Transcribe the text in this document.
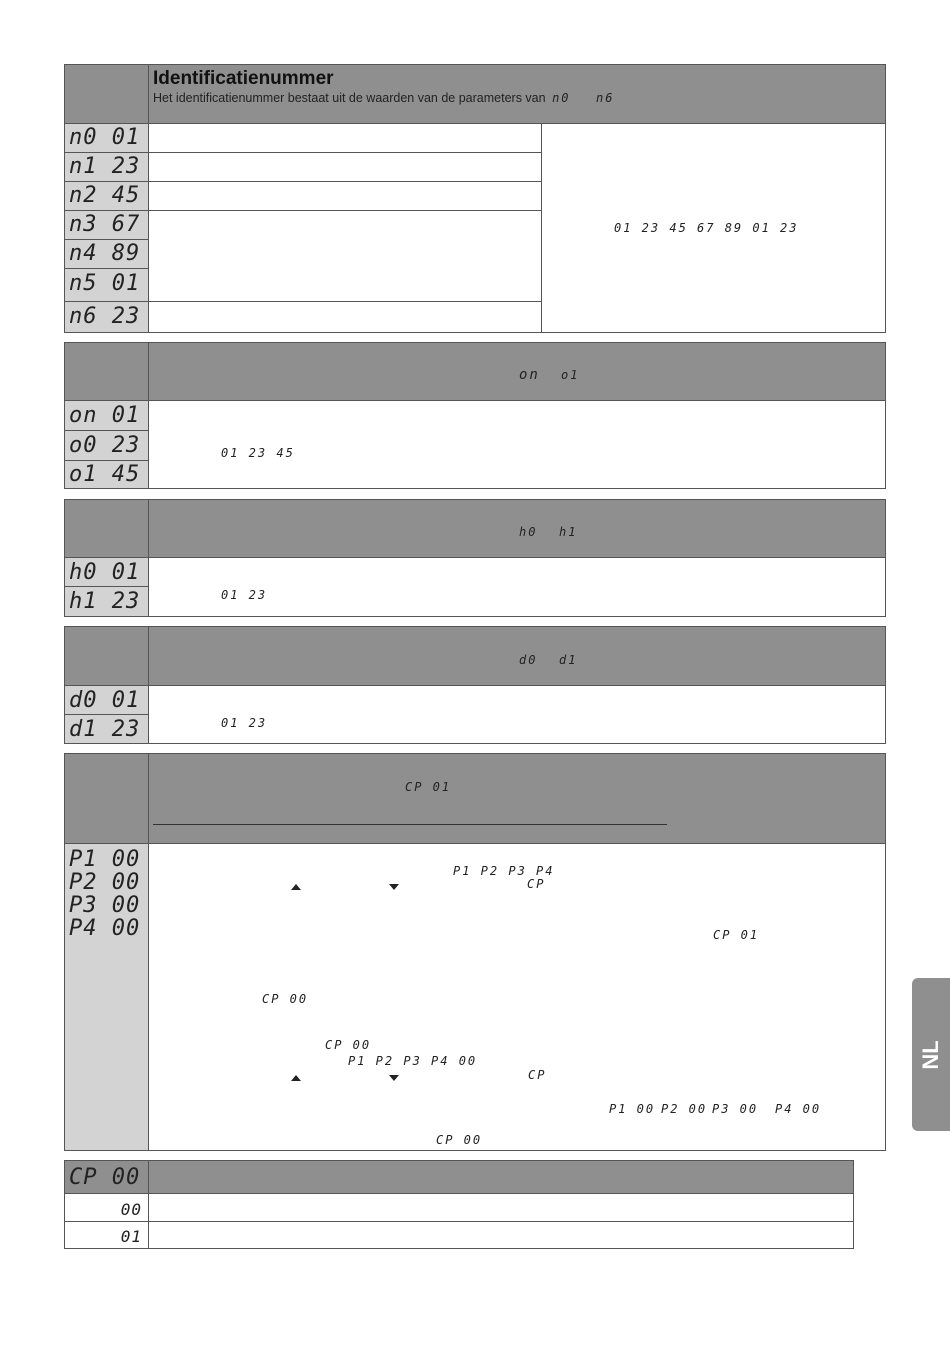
Identificatienummer
Het identificatienummer bestaat uit de waarden van de parameters van n0 n6
n0 01
n1 23
n2 45
n3 67
n4 89
n5 01
n6 23
01 23 45 67 89 01 23
on o1
on 01
o0 23
o1 45
01 23 45
h0 h1
h0 01
h1 23	01 23
d0 d1
d0 01
d1 23	01 23
CP 01
P1 00
P2 00
P3 00
P4 00
P1 P2 P3 P4
CP
CP 01
CP 00
CP 00
P1 P2 P3 P4 00
CP
P1 00 P2 00 P3 00 P4 00
CP 00
CP 00
00
01
NL
